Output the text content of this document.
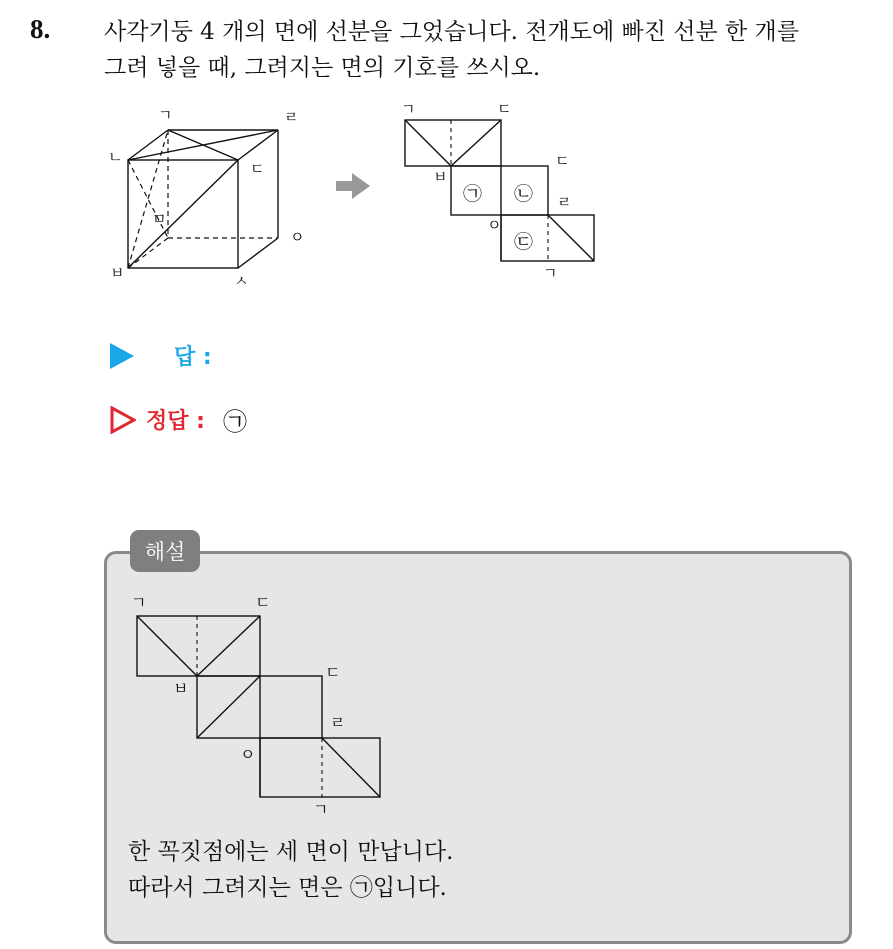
8. 사각기둥 4 개의 면에 선분을 그었습니다. 전개도에 빠진 선분 한 개를
그려 넣을 때, 그려지는 면의 기호를 쓰시오.
ㄱ	ㄹ
ㄴ
ㄷ
ㅁ
ㅇ
ㅂ	ㅅ
ㄱ	ㄷ
ㄷ
ㅂ
ㄹ
ㅇ
ㄱ
㉠ ㉡
㉢
답 :
정답 : ㉠
해설
ㄱ	ㄷ
ㄷ
ㅂ
ㄹ
ㅇ
ㄱ
한 꼭짓점에는 세 면이 만납니다.
따라서 그려지는 면은 ㉠입니다.
